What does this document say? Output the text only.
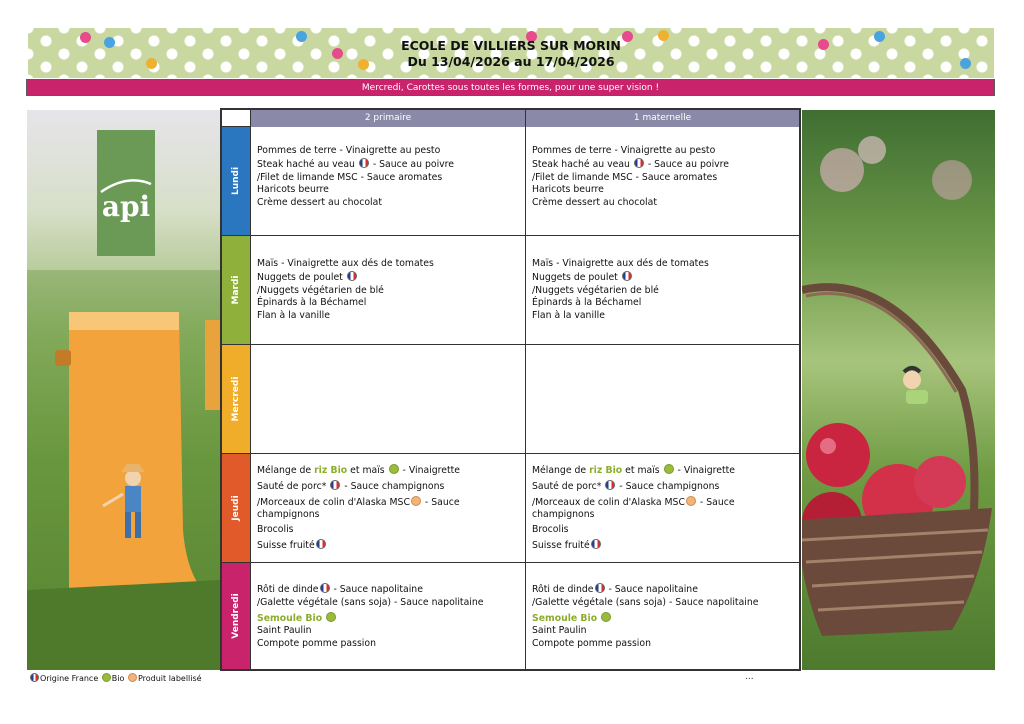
ECOLE DE VILLIERS SUR MORIN
Du 13/04/2026 au 17/04/2026
Mercredi, Carottes sous toutes les formes, pour une super vision !
api
2 primaire	1 maternelle
Lundi
Pommes de terre - Vinaigrette au pesto
Steak haché au veau  - Sauce au poivre
/Filet de limande MSC - Sauce aromates
Haricots beurre
Crème dessert au chocolat
Pommes de terre - Vinaigrette au pesto
Steak haché au veau  - Sauce au poivre
/Filet de limande MSC - Sauce aromates
Haricots beurre
Crème dessert au chocolat
Mardi
Maïs - Vinaigrette aux dés de tomates
Nuggets de poulet
/Nuggets végétarien de blé
Épinards à la Béchamel
Flan à la vanille
Maïs - Vinaigrette aux dés de tomates
Nuggets de poulet
/Nuggets végétarien de blé
Épinards à la Béchamel
Flan à la vanille
Mercredi
Jeudi
Mélange de riz Bio et maïs  - Vinaigrette
Sauté de porc*  - Sauce champignons
/Morceaux de colin d'Alaska MSC - Sauce
champignons
Brocolis
Suisse fruité
Mélange de riz Bio et maïs  - Vinaigrette
Sauté de porc*  - Sauce champignons
/Morceaux de colin d'Alaska MSC - Sauce
champignons
Brocolis
Suisse fruité
Vendredi
Rôti de dinde - Sauce napolitaine
/Galette végétale (sans soja) - Sauce napolitaine
Semoule Bio
Saint Paulin
Compote pomme passion
Rôti de dinde - Sauce napolitaine
/Galette végétale (sans soja) - Sauce napolitaine
Semoule Bio
Saint Paulin
Compote pomme passion
Origine France Bio Produit labellisé	...
